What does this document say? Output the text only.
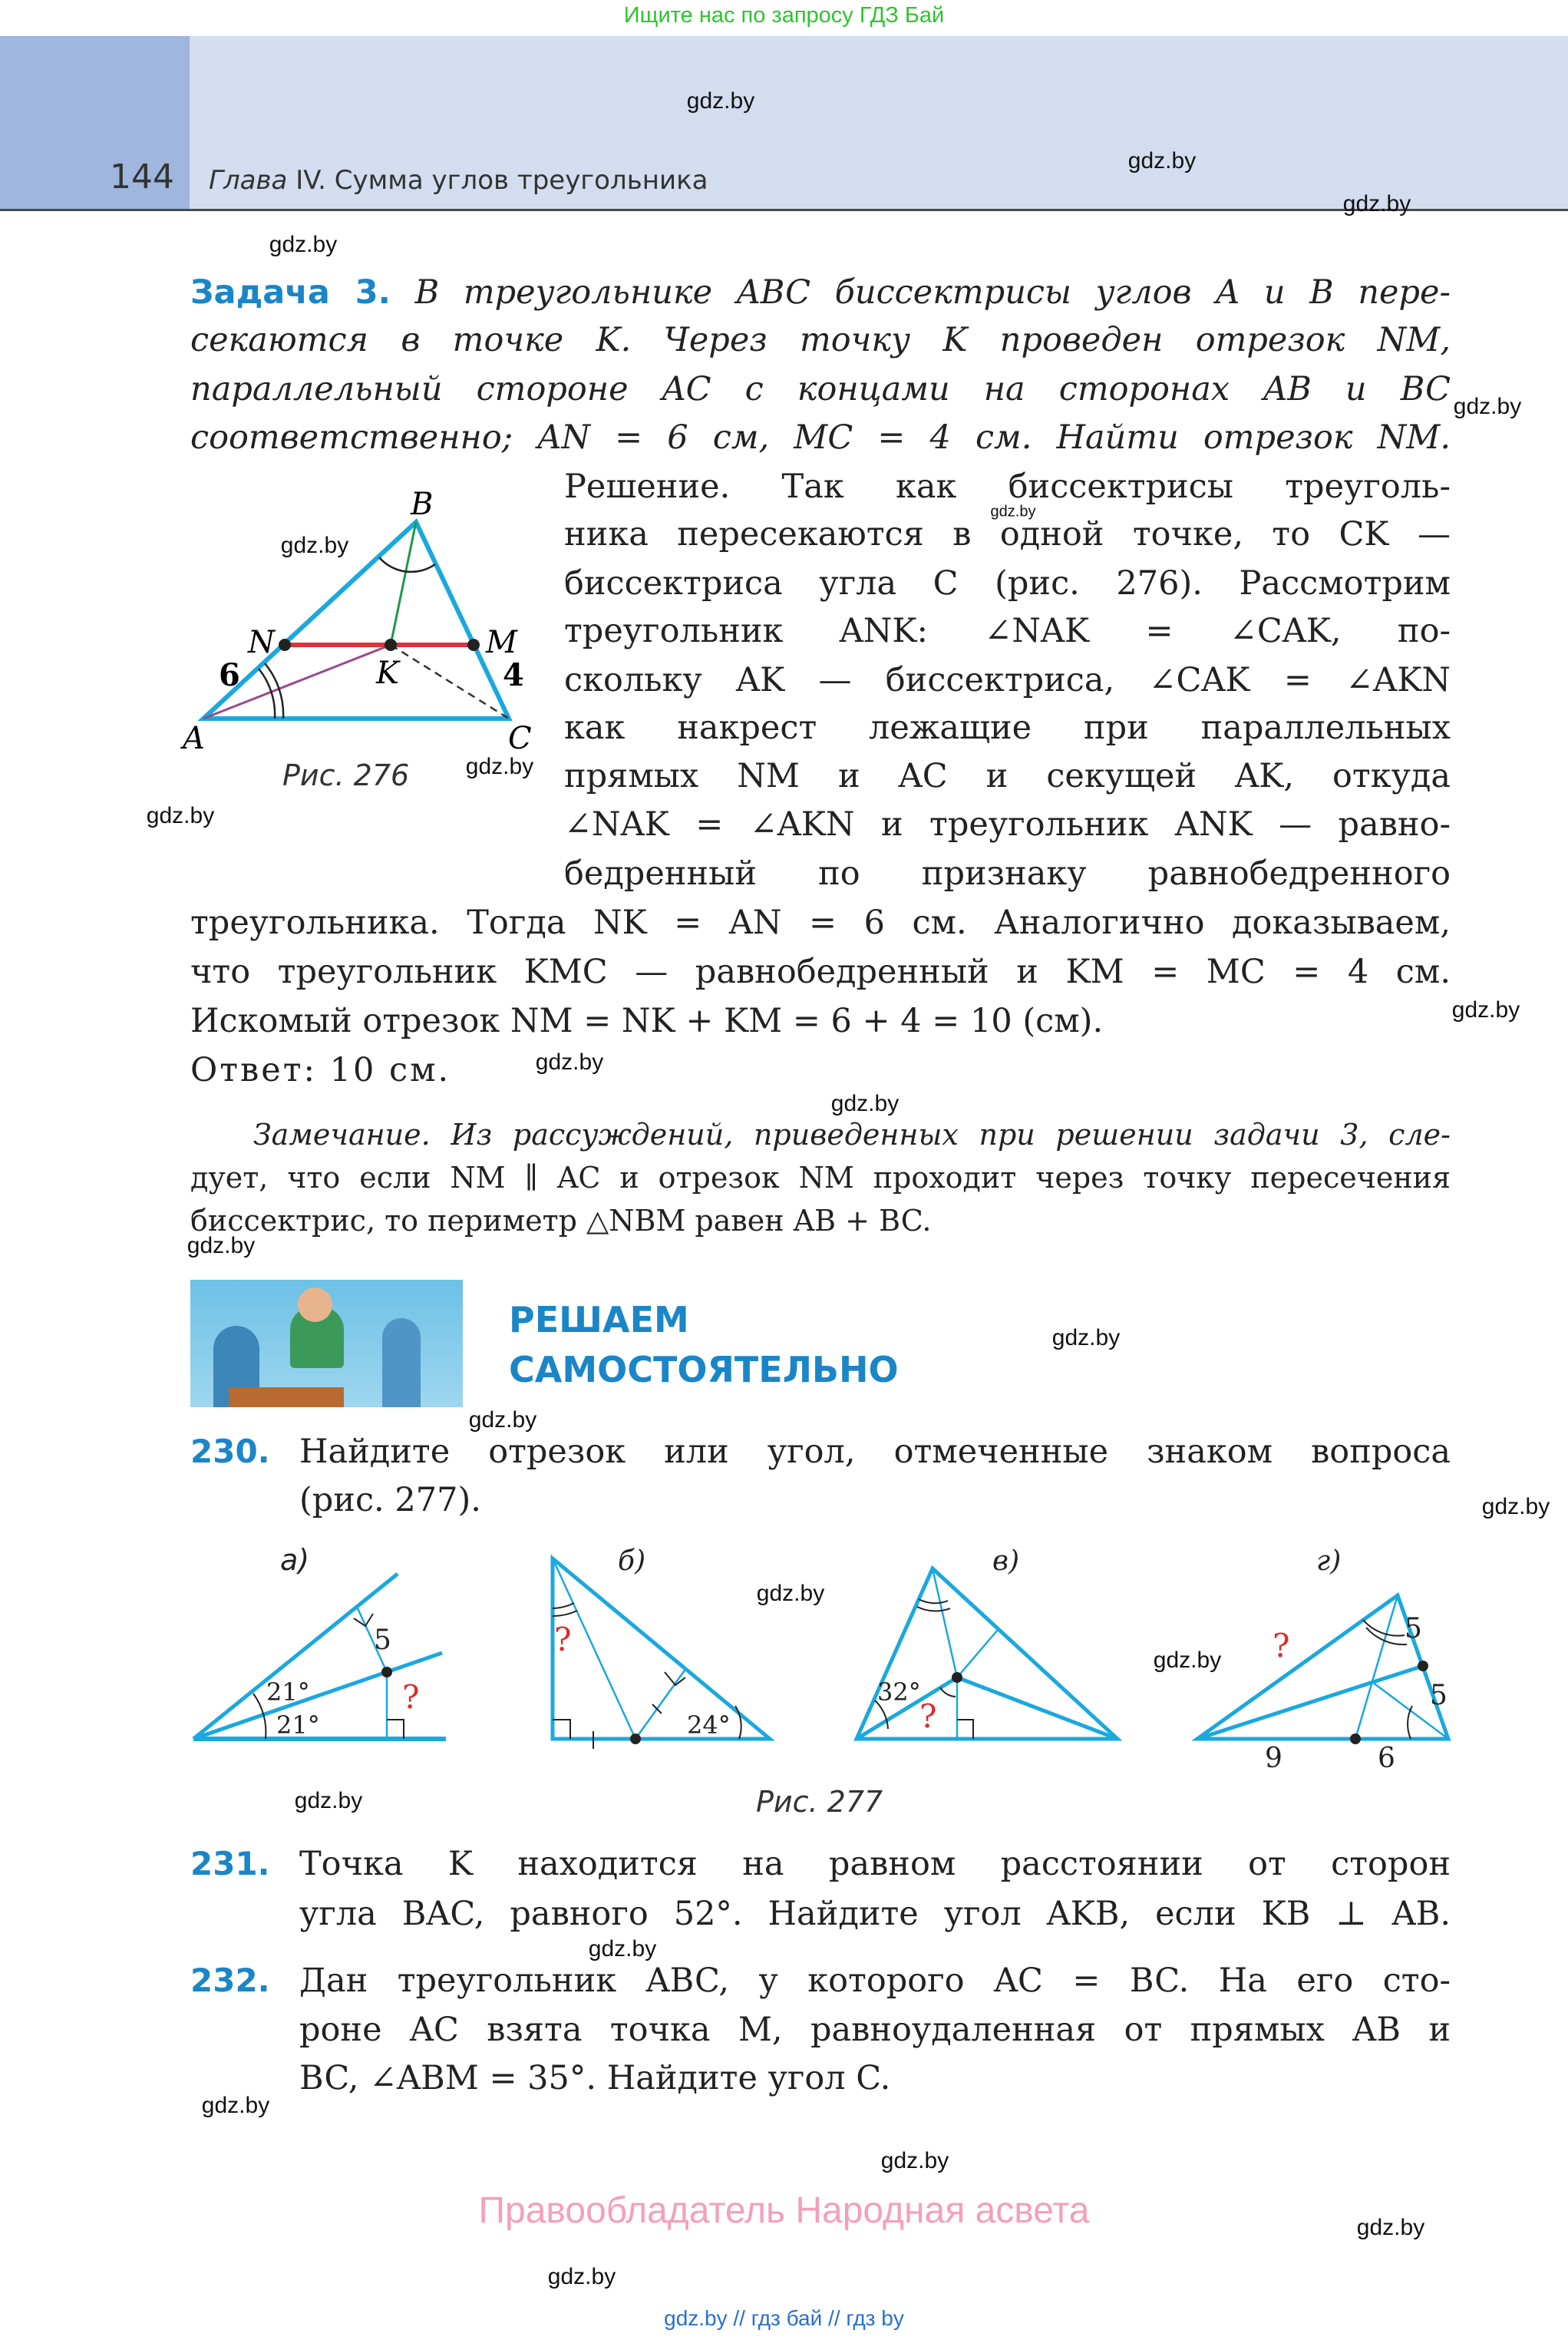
Ищите нас по запросу ГДЗ Бай
144 Глава IV. Сумма углов треугольника
Задача 3. В треугольнике ABC биссектрисы углов A и B пере-
секаются в точке K. Через точку K проведен отрезок NM,
параллельный стороне AC с концами на сторонах AB и BC
соответственно; AN = 6 см, MC = 4 см. Найти отрезок NM.
Решение. Так как биссектрисы треуголь-
ника пересекаются в одной точке, то CK —
биссектриса угла C (рис. 276). Рассмотрим
треугольник ANK: ∠NAK = ∠CAK, по-
скольку AK — биссектриса, ∠CAK = ∠AKN
как накрест лежащие при параллельных
прямых NM и AC и секущей AK, откуда
∠NAK = ∠AKN и треугольник ANK — равно-
бедренный по признаку равнобедренного
треугольника. Тогда NK = AN = 6 см. Аналогично доказываем,
что треугольник KMC — равнобедренный и KM = MC = 4 см.
Искомый отрезок NM = NK + KM = 6 + 4 = 10 (см).
Ответ: 10 см.
B
A	C
N	M
K
6	4
Рис. 276
Замечание. Из рассуждений, приведенных при решении задачи 3, сле-
дует, что если NM ∥ AC и отрезок NM проходит через точку пересечения
биссектрис, то периметр △NBM равен AB + BC.
РЕШАЕМ
САМОСТОЯТЕЛЬНО
230. Найдите отрезок или угол, отмеченные знаком вопроса
(рис. 277).
а)	б)	в)	г)
5
21°
21°
?
?
24°
32°
?
5
5
9	6
?
Рис. 277
231. Точка K находится на равном расстоянии от сторон
угла BAC, равного 52°. Найдите угол AKB, если KB ⊥ AB.
232. Дан треугольник ABC, у которого AC = BC. На его сто-
роне AC взята точка M, равноудаленная от прямых AB и
BC, ∠ABM = 35°. Найдите угол C.
Правообладатель Народная асвета
gdz.by // гдз бай // гдз by
gdz.by
gdz.by
gdz.by
gdz.by
gdz.by
gdz.by
gdz.by
gdz.by
gdz.by
gdz.by
gdz.by
gdz.by
gdz.by
gdz.by
gdz.by
gdz.by
gdz.by
gdz.by
gdz.by
gdz.by
gdz.by
gdz.by
gdz.by
gdz.by
